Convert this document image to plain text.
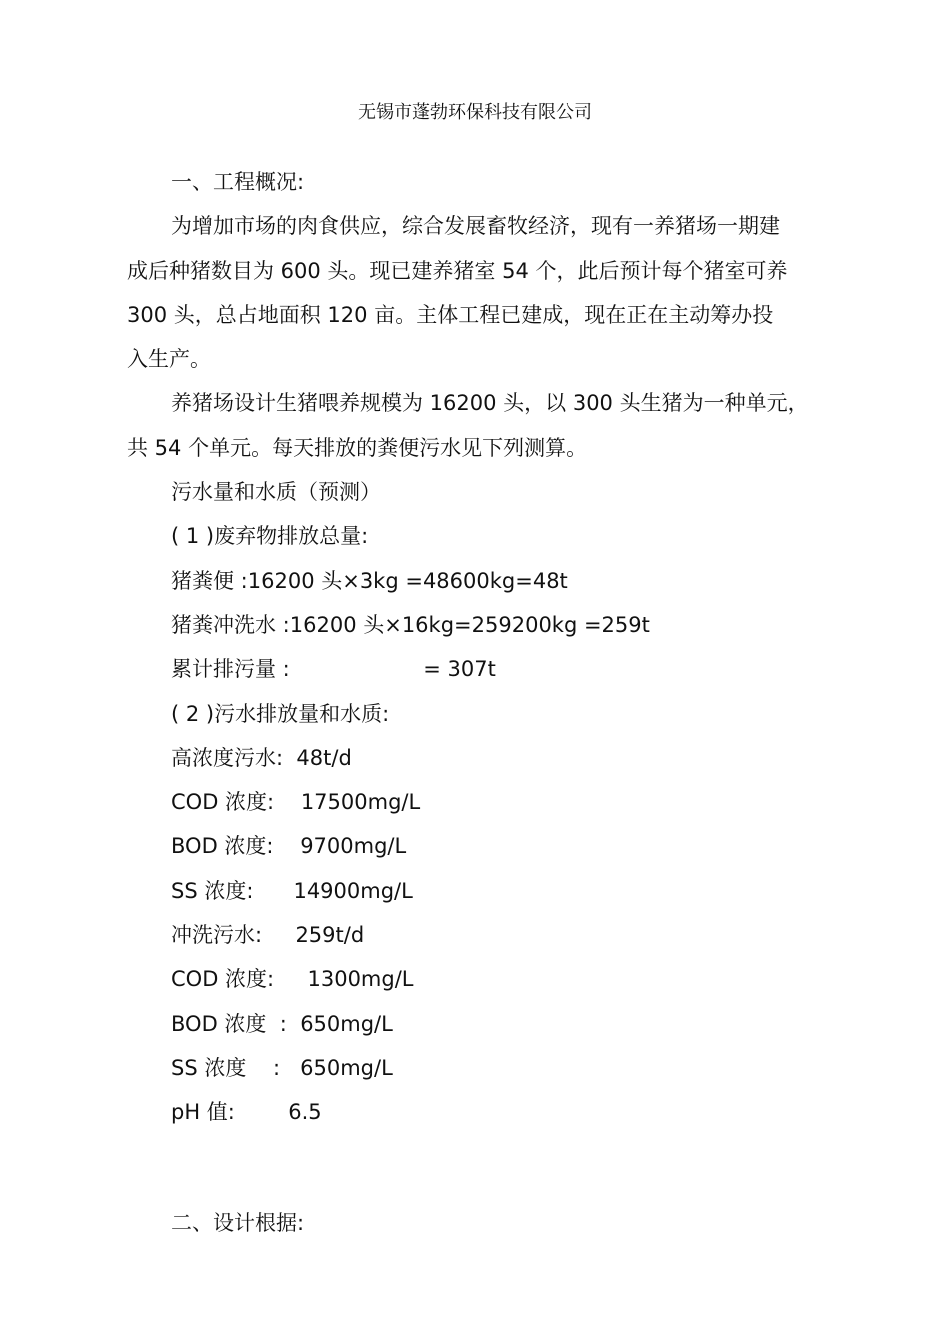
无锡市蓬勃环保科技有限公司

一、工程概况:

为增加市场的肉食供应，综合发展畜牧经济，现有一养猪场一期建
成后种猪数目为 600 头。现已建养猪室 54 个，此后预计每个猪室可养
300 头，总占地面积 120 亩。主体工程已建成，现在正在主动筹办投
入生产。
养猪场设计生猪喂养规模为 16200 头，以 300 头生猪为一种单元，
共 54 个单元。每天排放的粪便污水见下列测算。

污水量和水质（预测）

( 1 )废弃物排放总量:

猪粪便 :16200 头×3kg =48600kg=48t

猪粪冲洗水 :16200 头×16kg=259200kg =259t

累计排污量 :                    = 307t

( 2 )污水排放量和水质:

高浓度污水:  48t/d

COD 浓度:    17500mg/L

BOD 浓度:    9700mg/L

SS 浓度:      14900mg/L

冲洗污水:     259t/d

COD 浓度:     1300mg/L

BOD 浓度  :  650mg/L

SS 浓度    :   650mg/L

pH 值:        6.5

二、设计根据:
